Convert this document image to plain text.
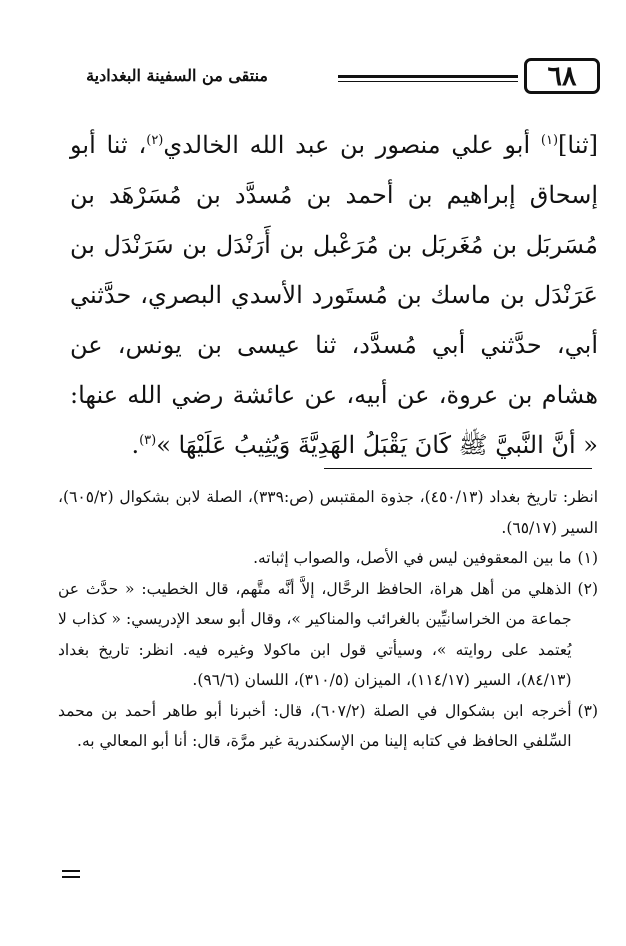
٦٨
منتقى من السفينة البغدادية

[ثنا]$^{(١)}$ أبو علي منصور بن عبد الله الخالدي$^{(٢)}$، ثنا أبو إسحاق إبراهيم بن أحمد بن مُسدَّد بن مُسَرْهَد بن مُسَربَل بن مُغَربَل بن مُرَعْبل بن أَرَنْدَل بن سَرَنْدَل بن عَرَنْدَل بن ماسك بن مُستَورد الأسدي البصري، حدَّثني أبي، حدَّثني أبي مُسدَّد، ثنا عيسى بن يونس، عن هشام بن عروة، عن أبيه، عن عائشة رضي الله عنها: « أنَّ النَّبيَّ ﷺ كَانَ يَقْبَلُ الهَدِيَّةَ وَيُثِيبُ عَلَيْهَا »$^{(٣)}$.

انظر: تاريخ بغداد (٤٥٠/١٣)، جذوة المقتبس (ص:٣٣٩)، الصلة لابن بشكوال (٦٠٥/٢)، السير (٦٥/١٧).

(١)
ما بين المعقوفين ليس في الأصل، والصواب إثباته.
(٢)
الذهلي من أهل هراة، الحافظ الرحَّال، إلاَّ أنَّه متَّهم، قال الخطيب: « حدَّث عن جماعة من الخراسانيِّين بالغرائب والمناكير »، وقال أبو سعد الإدريسي: « كذاب لا يُعتمد على روايته »، وسيأتي قول ابن ماكولا وغيره فيه. انظر: تاريخ بغداد (٨٤/١٣)، السير (١١٤/١٧)، الميزان (٣١٠/٥)، اللسان (٩٦/٦).
(٣)
أخرجه ابن بشكوال في الصلة (٦٠٧/٢)، قال: أخبرنا أبو طاهر أحمد بن محمد السِّلفي الحافظ في كتابه إلينا من الإسكندرية غير مرَّة، قال: أنا أبو المعالي به.
